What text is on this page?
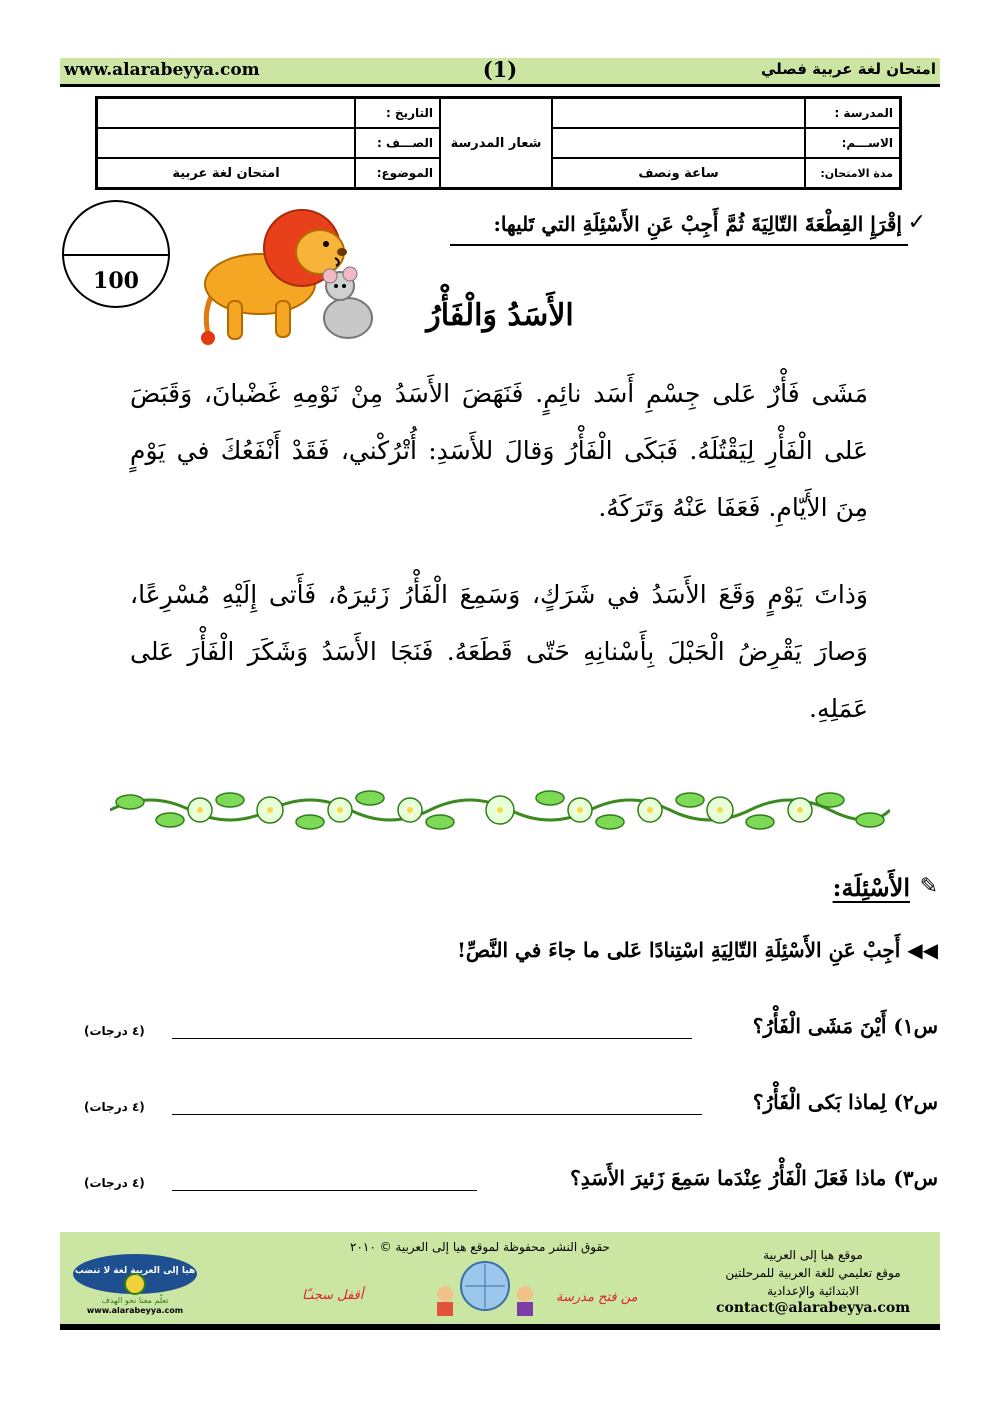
www.alarabeyya.com	(1)	امتحان لغة عربية فصلي
المدرسة :
الاســـم:
مدة الامتحان:
ساعة ونصف
شعار المدرسة
التاريخ :
الصـــف :
الموضوع:
امتحان لغة عربية
100
✓
إقْرَإِ القِطْعَةَ التّالِيَةَ ثُمَّ أَجِبْ عَنِ الأَسْئِلَةِ التي تَليها:
الأَسَدُ وَالْفَأْرُ
مَشَى فَأْرٌ عَلى جِسْمِ أَسَد نائِمٍ. فَنَهَضَ الأَسَدُ مِنْ نَوْمِهِ غَضْبانَ، وَقَبَضَ عَلى الْفَأْرِ لِيَقْتُلَهُ. فَبَكَى الْفَأْرُ وَقالَ للأَسَدِ: أُتْرُكْني، فَقَدْ أَنْفَعُكَ في يَوْمٍ مِنَ الأَيّامِ. فَعَفَا عَنْهُ وَتَرَكَهُ.
وَذاتَ يَوْمٍ وَقَعَ الأَسَدُ في شَرَكٍ، وَسَمِعَ الْفَأْرُ زَئيرَهُ، فَأَتى إِلَيْهِ مُسْرِعًا، وَصارَ يَقْرِضُ الْحَبْلَ بِأَسْنانِهِ حَتّى قَطَعَهُ. فَنَجَا الأَسَدُ وَشَكَرَ الْفَأْرَ عَلى عَمَلِهِ.
✎
الأَسْئِلَة:
◀◀ أَجِبْ عَنِ الأَسْئِلَةِ التّالِيَةِ اسْتِنادًا عَلى ما جاءَ في النَّصِّ!
س١) أَيْنَ مَشَى الْفَأْرُ؟
(٤ درجات)
س٢) لِماذا بَكى الْفَأْرُ؟
(٤ درجات)
س٣) ماذا فَعَلَ الْفَأْرُ عِنْدَما سَمِعَ زَئيرَ الأَسَدِ؟
(٤ درجات)
حقوق النشر محفوظة لموقع هيا إلى العربية © ٢٠١٠
موقع هيا إلى العربية
موقع تعليمي للغة العربية للمرحلتين
الابتدائية والإعدادية
contact@alarabeyya.com
هيا إلى العربية لغة لا تنضب
تعلّم معنا نحو الهدف
www.alarabeyya.com
من فتح مدرسة
أقفل سجنـًا
